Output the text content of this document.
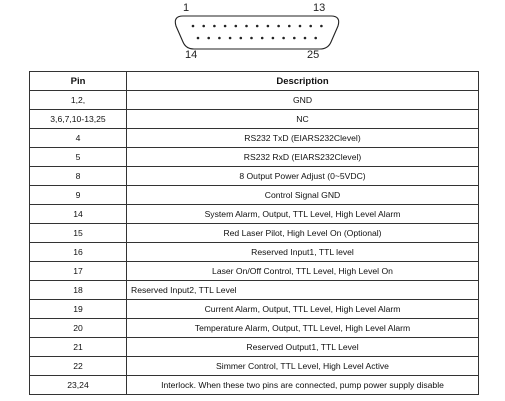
1	13
14	25
Pin	Description
1,2,	GND
3,6,7,10-13,25	NC
4	RS232 TxD (EIARS232Clevel)
5	RS232 RxD (EIARS232Clevel)
8	8 Output Power Adjust (0~5VDC)
9	Control Signal GND
14	System Alarm, Output, TTL Level, High Level Alarm
15	Red Laser Pilot, High Level On (Optional)
16	Reserved Input1, TTL level
17	Laser On/Off Control, TTL Level, High Level On
18	Reserved Input2, TTL Level
19	Current Alarm, Output, TTL Level, High Level Alarm
20	Temperature Alarm, Output, TTL Level, High Level Alarm
21	Reserved Output1, TTL Level
22	Simmer Control, TTL Level, High Level Active
23,24	Interlock. When these two pins are connected, pump power supply disable
